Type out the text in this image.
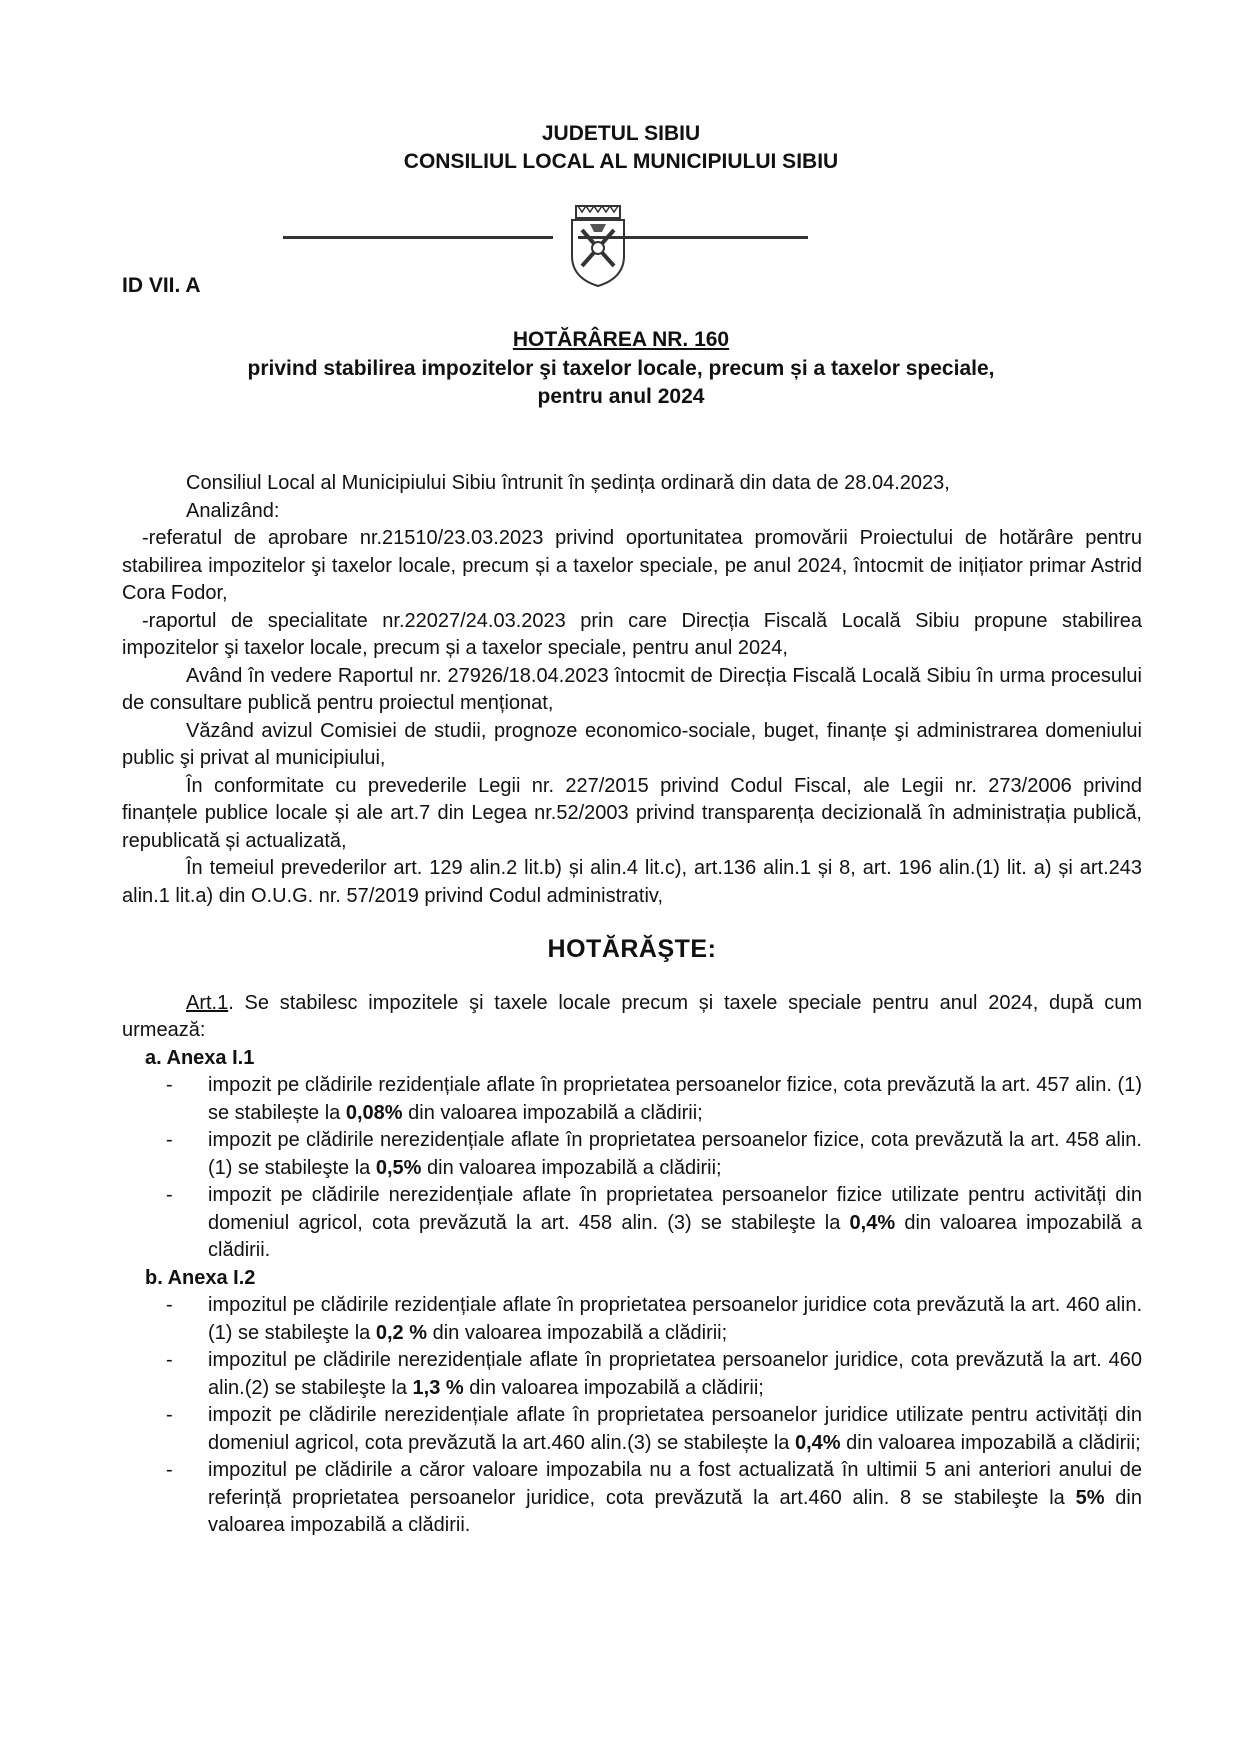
JUDETUL SIBIU
CONSILIUL LOCAL AL MUNICIPIULUI SIBIU
ID VII. A
HOTĂRÂREA NR. 160
privind stabilirea impozitelor şi taxelor locale, precum și a taxelor speciale,
pentru anul 2024

Consiliul Local al Municipiului Sibiu întrunit în ședința ordinară din data de 28.04.2023,

Analizând:

-referatul de aprobare nr.21510/23.03.2023 privind oportunitatea promovării Proiectului de hotărâre pentru stabilirea impozitelor şi taxelor locale, precum și a taxelor speciale, pe anul 2024, întocmit de inițiator primar Astrid Cora Fodor,

-raportul de specialitate nr.22027/24.03.2023 prin care Direcția Fiscală Locală Sibiu propune stabilirea impozitelor şi taxelor locale, precum și a taxelor speciale, pentru anul 2024,

Având în vedere Raportul nr. 27926/18.04.2023 întocmit de Direcția Fiscală Locală Sibiu în urma procesului de consultare publică pentru proiectul menționat,

Văzând avizul Comisiei de studii, prognoze economico-sociale, buget, finanțe şi administrarea domeniului public şi privat al municipiului,

În conformitate cu prevederile Legii nr. 227/2015 privind Codul Fiscal, ale Legii nr. 273/2006 privind finanțele publice locale și ale art.7 din Legea nr.52/2003 privind transparența decizională în administrația publică, republicată și actualizată,

În temeiul prevederilor art. 129 alin.2 lit.b) și alin.4 lit.c), art.136 alin.1 și 8, art. 196 alin.(1) lit. a) și art.243 alin.1 lit.a) din O.U.G. nr. 57/2019 privind Codul administrativ,

HOTĂRĂŞTE:

Art.1. Se stabilesc impozitele şi taxele locale precum și taxele speciale pentru anul 2024, după cum urmează:

a. Anexa I.1

- impozit pe clădirile rezidențiale aflate în proprietatea persoanelor fizice, cota prevăzută la art. 457 alin. (1) se stabilește la 0,08% din valoarea impozabilă a clădirii;

- impozit pe clădirile nerezidențiale aflate în proprietatea persoanelor fizice, cota prevăzută la art. 458 alin.(1) se stabileşte la 0,5% din valoarea impozabilă a clădirii;

- impozit pe clădirile nerezidențiale aflate în proprietatea persoanelor fizice utilizate pentru activități din domeniul agricol, cota prevăzută la art. 458 alin. (3) se stabileşte la 0,4% din valoarea impozabilă a clădirii.

b. Anexa I.2

- impozitul pe clădirile rezidențiale aflate în proprietatea persoanelor juridice cota prevăzută la art. 460 alin.(1) se stabileşte la 0,2 % din valoarea impozabilă a clădirii;

- impozitul pe clădirile nerezidențiale aflate în proprietatea persoanelor juridice, cota prevăzută la art. 460 alin.(2) se stabileşte la 1,3 % din valoarea impozabilă a clădirii;

- impozit pe clădirile nerezidențiale aflate în proprietatea persoanelor juridice utilizate pentru activități din domeniul agricol, cota prevăzută la art.460 alin.(3) se stabilește la 0,4% din valoarea impozabilă a clădirii;

- impozitul pe clădirile a căror valoare impozabila nu a fost actualizată în ultimii 5 ani anteriori anului de referință proprietatea persoanelor juridice, cota prevăzută la art.460 alin. 8 se stabileşte la 5% din valoarea impozabilă a clădirii.
